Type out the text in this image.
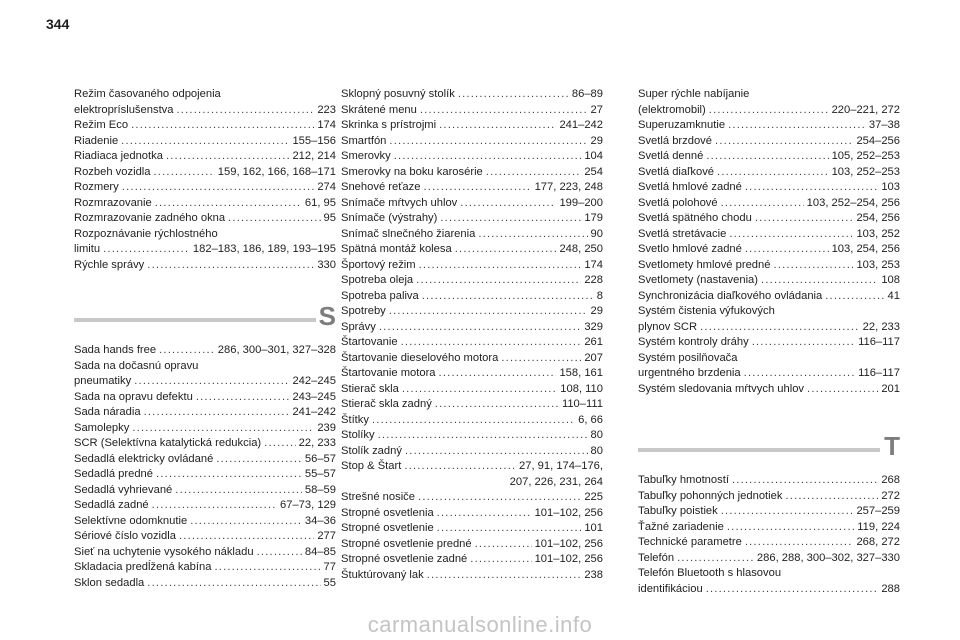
344
Režim časovaného odpojenia
elektropríslušenstva .....	223
Režim Eco .....	174
Riadenie .....	155–156
Riadiaca jednotka .....	212, 214
Rozbeh vozidla .....	159, 162, 166, 168–171
Rozmery .....	274
Rozmrazovanie .....	61, 95
Rozmrazovanie zadného okna .....	95
Rozpoznávanie rýchlostného
limitu .....	182–183, 186, 189, 193–195
Rýchle správy .....	330
S
Sada hands free .....	286, 300–301, 327–328
Sada na dočasnú opravu
pneumatiky .....	242–245
Sada na opravu defektu .....	243–245
Sada náradia .....	241–242
Samolepky .....	239
SCR (Selektívna katalytická redukcia) .....	22, 233
Sedadlá elektricky ovládané .....	56–57
Sedadlá predné .....	55–57
Sedadlá vyhrievané .....	58–59
Sedadlá zadné .....	67–73, 129
Selektívne odomknutie .....	34–36
Sériové číslo vozidla .....	277
Sieť na uchytenie vysokého nákladu .....	84–85
Skladacia predĺžená kabína .....	77
Sklon sedadla .....	55
Sklopný posuvný stolík .....	86–89
Skrátené menu .....	27
Skrinka s prístrojmi .....	241–242
Smartfón .....	29
Smerovky .....	104
Smerovky na boku karosérie .....	254
Snehové reťaze .....	177, 223, 248
Snímače mŕtvych uhlov .....	199–200
Snímače (výstrahy) .....	179
Snímač slnečného žiarenia .....	90
Spätná montáž kolesa .....	248, 250
Športový režim .....	174
Spotreba oleja .....	228
Spotreba paliva .....	8
Spotreby .....	29
Správy .....	329
Štartovanie .....	261
Štartovanie dieselového motora .....	207
Štartovanie motora .....	158, 161
Stierač skla .....	108, 110
Stierač skla zadný .....	110–111
Štítky .....	6, 66
Stolíky .....	80
Stolík zadný .....	80
Stop & Štart .....	27, 91, 174–176,
207, 226, 231, 264
Strešné nosiče .....	225
Stropné osvetlenia .....	101–102, 256
Stropné osvetlenie .....	101
Stropné osvetlenie predné .....	101–102, 256
Stropné osvetlenie zadné .....	101–102, 256
Štuktúrovaný lak .....	238
Super rýchle nabíjanie
(elektromobil) .....	220–221, 272
Superuzamknutie .....	37–38
Svetlá brzdové .....	254–256
Svetlá denné .....	105, 252–253
Svetlá diaľkové .....	103, 252–253
Svetlá hmlové zadné .....	103
Svetlá polohové .....	103, 252–254, 256
Svetlá spätného chodu .....	254, 256
Svetlá stretávacie .....	103, 252
Svetlo hmlové zadné .....	103, 254, 256
Svetlomety hmlové predné .....	103, 253
Svetlomety (nastavenia) .....	108
Synchronizácia diaľkového ovládania .....	41
Systém čistenia výfukových
plynov SCR .....	22, 233
Systém kontroly dráhy .....	116–117
Systém posilňovača
urgentného brzdenia .....	116–117
Systém sledovania mŕtvych uhlov .....	201
T
Tabuľky hmotností .....	268
Tabuľky pohonných jednotiek .....	272
Tabuľky poistiek .....	257–259
Ťažné zariadenie .....	119, 224
Technické parametre .....	268, 272
Telefón .....	286, 288, 300–302, 327–330
Telefón Bluetooth s hlasovou
identifikáciou .....	288
carmanualsonline.info
